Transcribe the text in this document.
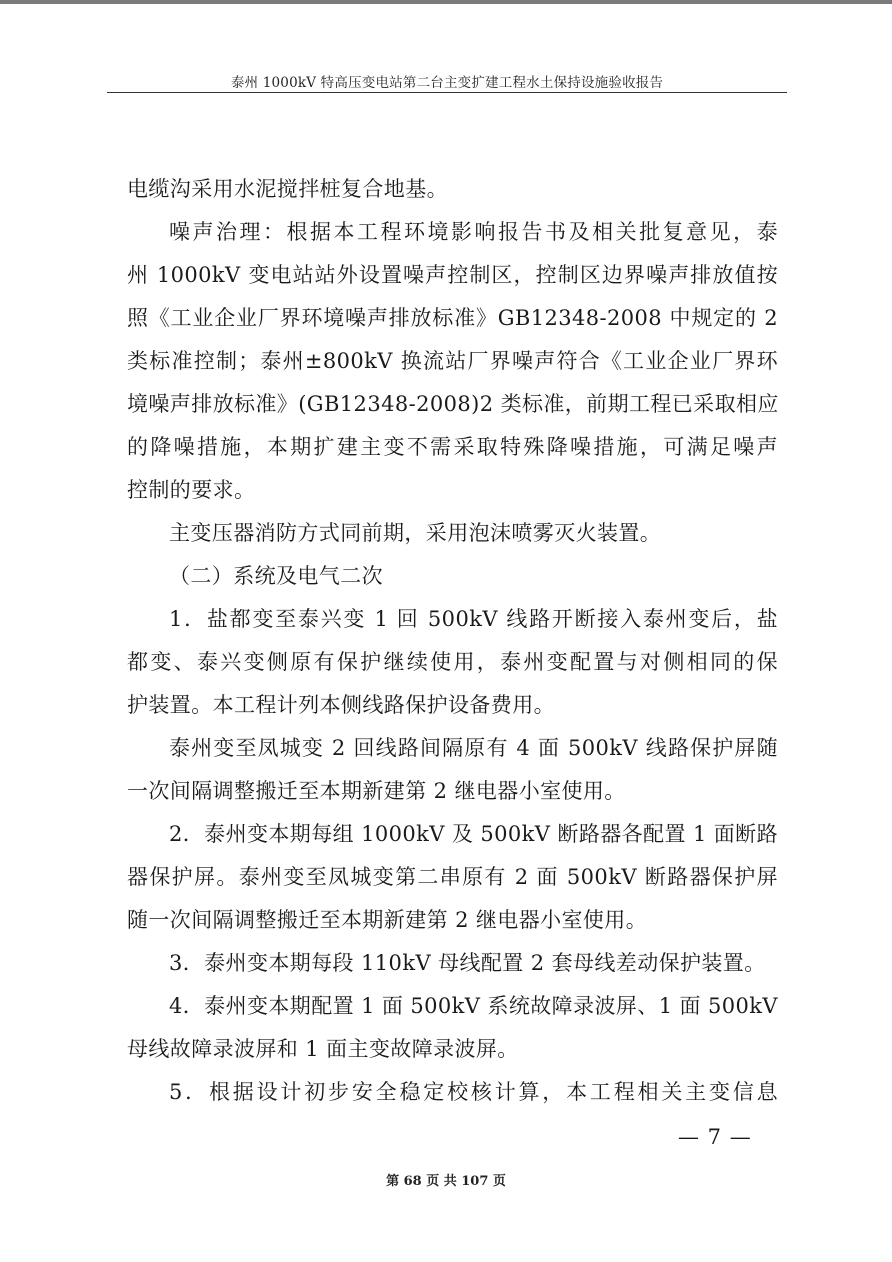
泰州 1000kV 特高压变电站第二台主变扩建工程水土保持设施验收报告
电缆沟采用水泥搅拌桩复合地基。
噪声治理：根据本工程环境影响报告书及相关批复意见，泰
州 1000kV 变电站站外设置噪声控制区，控制区边界噪声排放值按
照《工业企业厂界环境噪声排放标准》GB12348-2008 中规定的 2
类标准控制；泰州±800kV 换流站厂界噪声符合《工业企业厂界环
境噪声排放标准》(GB12348-2008)2 类标准，前期工程已采取相应
的降噪措施，本期扩建主变不需采取特殊降噪措施，可满足噪声
控制的要求。
主变压器消防方式同前期，采用泡沫喷雾灭火装置。
（二）系统及电气二次
1．盐都变至泰兴变 1 回 500kV 线路开断接入泰州变后，盐
都变、泰兴变侧原有保护继续使用，泰州变配置与对侧相同的保
护装置。本工程计列本侧线路保护设备费用。
泰州变至凤城变 2 回线路间隔原有 4 面 500kV 线路保护屏随
一次间隔调整搬迁至本期新建第 2 继电器小室使用。
2．泰州变本期每组 1000kV 及 500kV 断路器各配置 1 面断路
器保护屏。泰州变至凤城变第二串原有 2 面 500kV 断路器保护屏
随一次间隔调整搬迁至本期新建第 2 继电器小室使用。
3．泰州变本期每段 110kV 母线配置 2 套母线差动保护装置。
4．泰州变本期配置 1 面 500kV 系统故障录波屏、1 面 500kV
母线故障录波屏和 1 面主变故障录波屏。
5．根据设计初步安全稳定校核计算，本工程相关主变信息
— 7 —
第 68 页 共 107 页
